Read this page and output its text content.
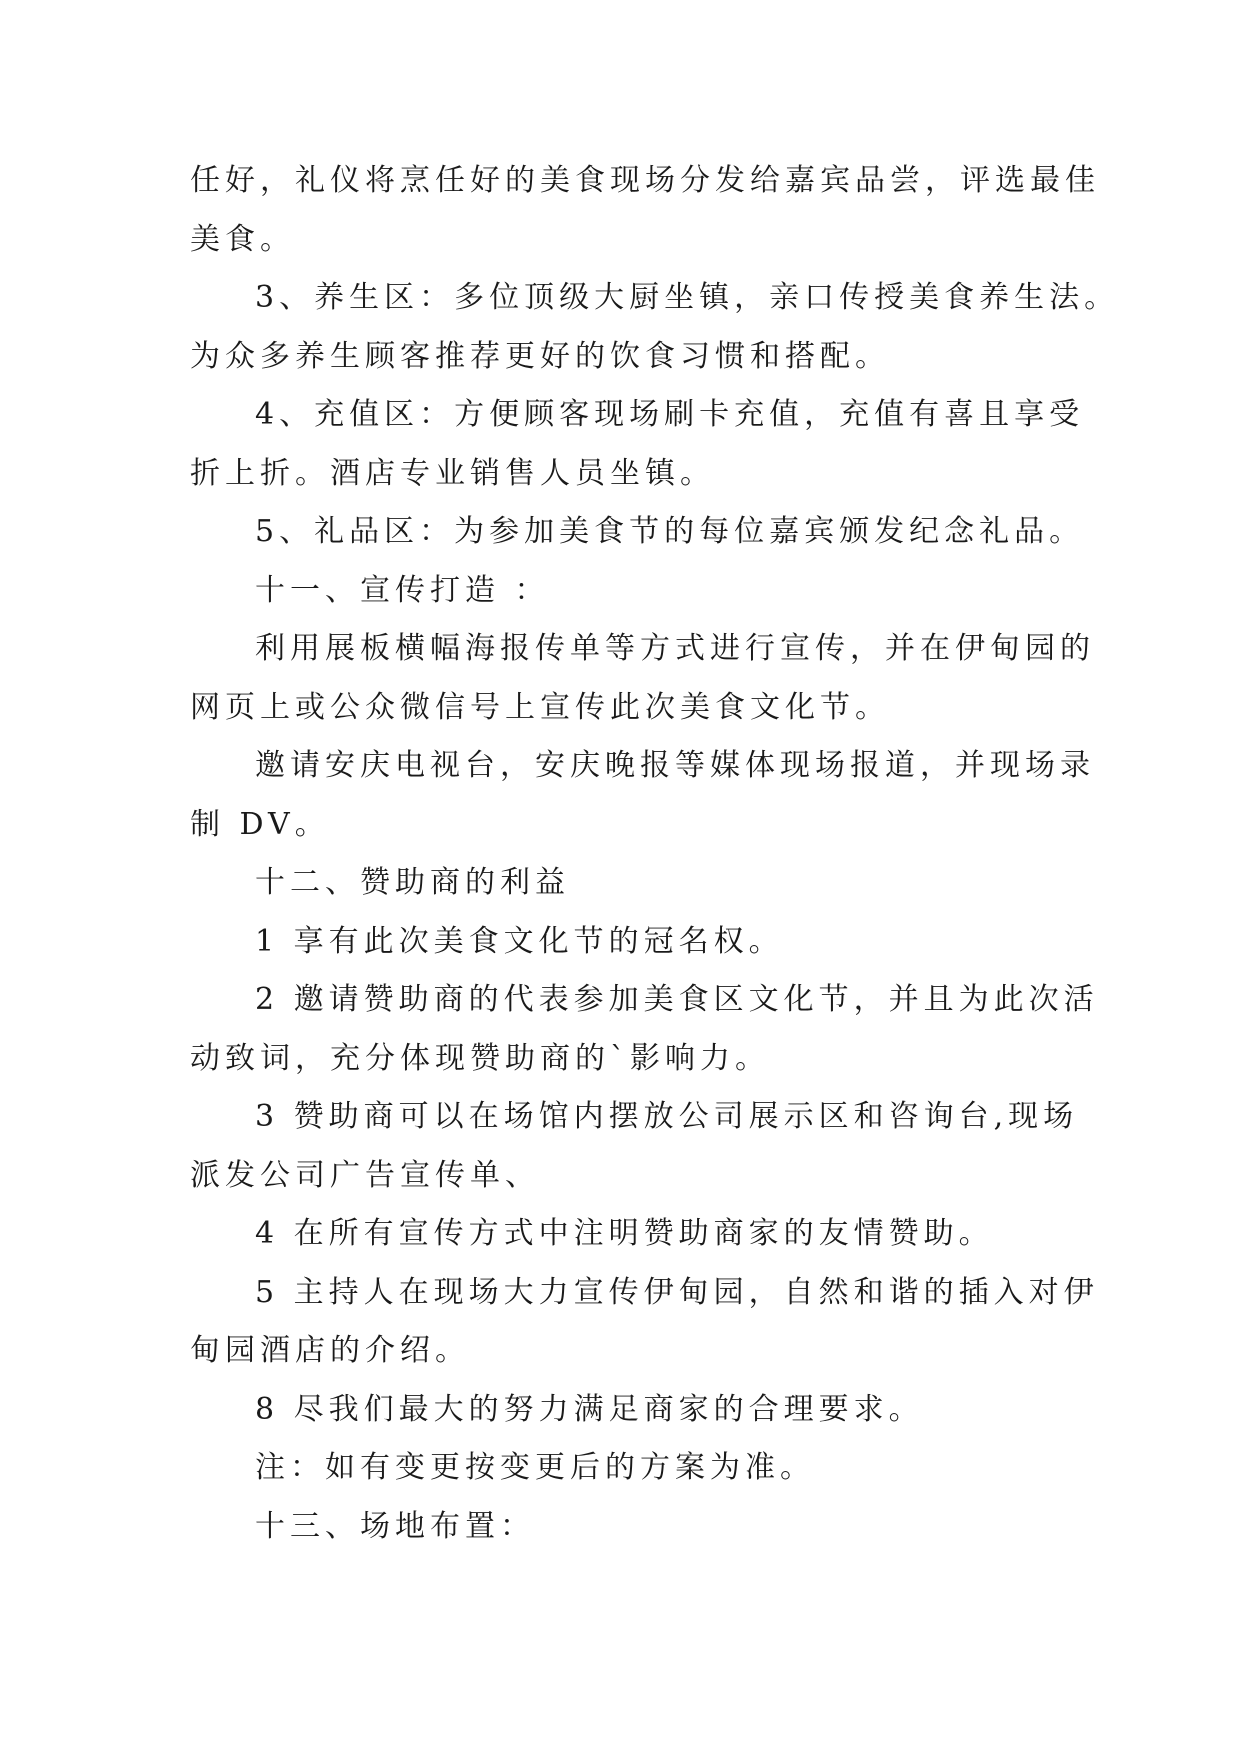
任好，礼仪将烹任好的美食现场分发给嘉宾品尝，评选最佳

美食。

3、养生区：多位顶级大厨坐镇，亲口传授美食养生法。

为众多养生顾客推荐更好的饮食习惯和搭配。

4、充值区：方便顾客现场刷卡充值，充值有喜且享受

折上折。酒店专业销售人员坐镇。

5、礼品区：为参加美食节的每位嘉宾颁发纪念礼品。

十一、宣传打造 ：

利用展板横幅海报传单等方式进行宣传，并在伊甸园的

网页上或公众微信号上宣传此次美食文化节。

邀请安庆电视台，安庆晚报等媒体现场报道，并现场录

制 DV。

十二、赞助商的利益

1 享有此次美食文化节的冠名权。

2 邀请赞助商的代表参加美食区文化节，并且为此次活

动致词，充分体现赞助商的`影响力。

3 赞助商可以在场馆内摆放公司展示区和咨询台,现场

派发公司广告宣传单、

4 在所有宣传方式中注明赞助商家的友情赞助。

5 主持人在现场大力宣传伊甸园，自然和谐的插入对伊

甸园酒店的介绍。

8 尽我们最大的努力满足商家的合理要求。

注：如有变更按变更后的方案为准。

十三、场地布置：
